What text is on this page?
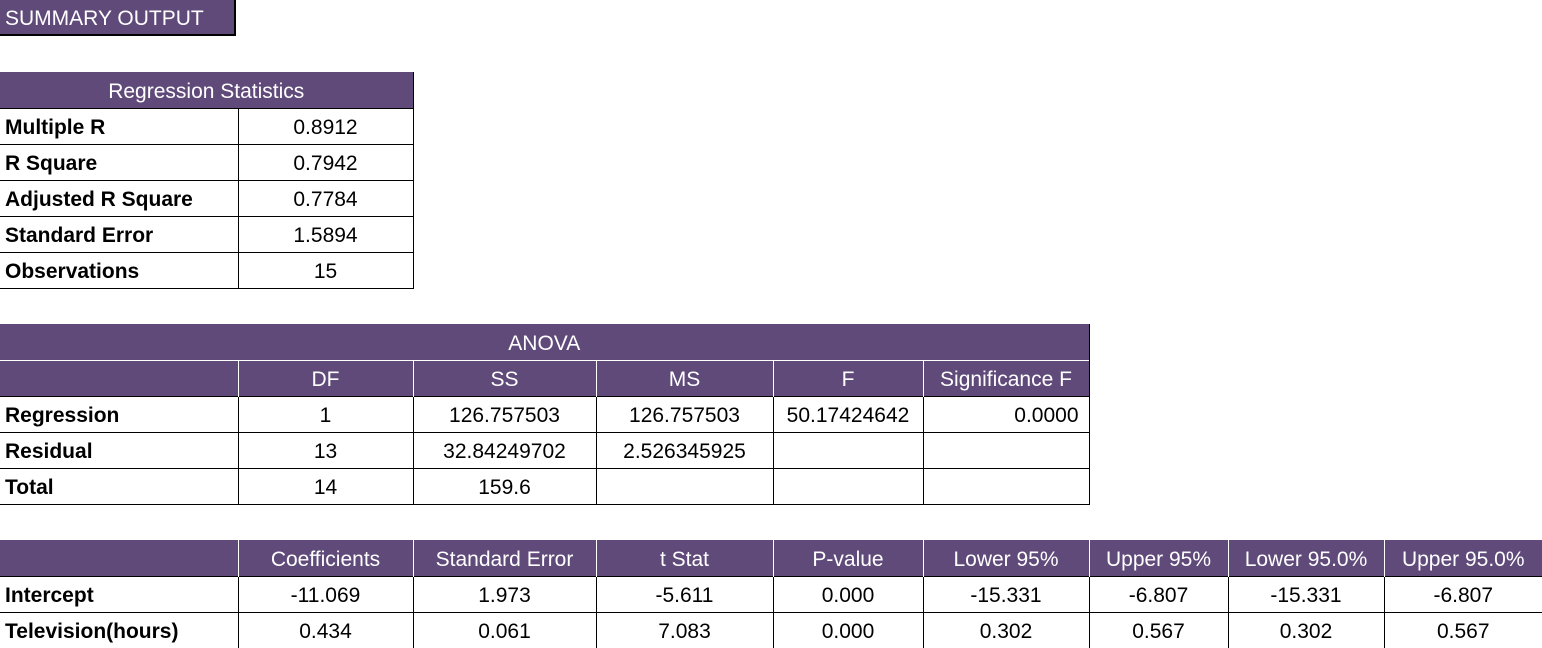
SUMMARY OUTPUT
Regression Statistics	
Multiple R	0.8912
R Square	0.7942
Adjusted R Square	0.7784
Standard Error	1.5894
Observations	15
ANOVA					
	DF	SS	MS	F	Significance F
Regression	1	126.757503	126.757503	50.17424642	0.0000
Residual	13	32.84249702	2.526345925		
Total	14	159.6			
	Coefficients	Standard Error	t Stat	P-value	Lower 95%	Upper 95%	Lower 95.0%	Upper 95.0%
Intercept	-11.069	1.973	-5.611	0.000	-15.331	-6.807	-15.331	-6.807
Television(hours)	0.434	0.061	7.083	0.000	0.302	0.567	0.302	0.567
